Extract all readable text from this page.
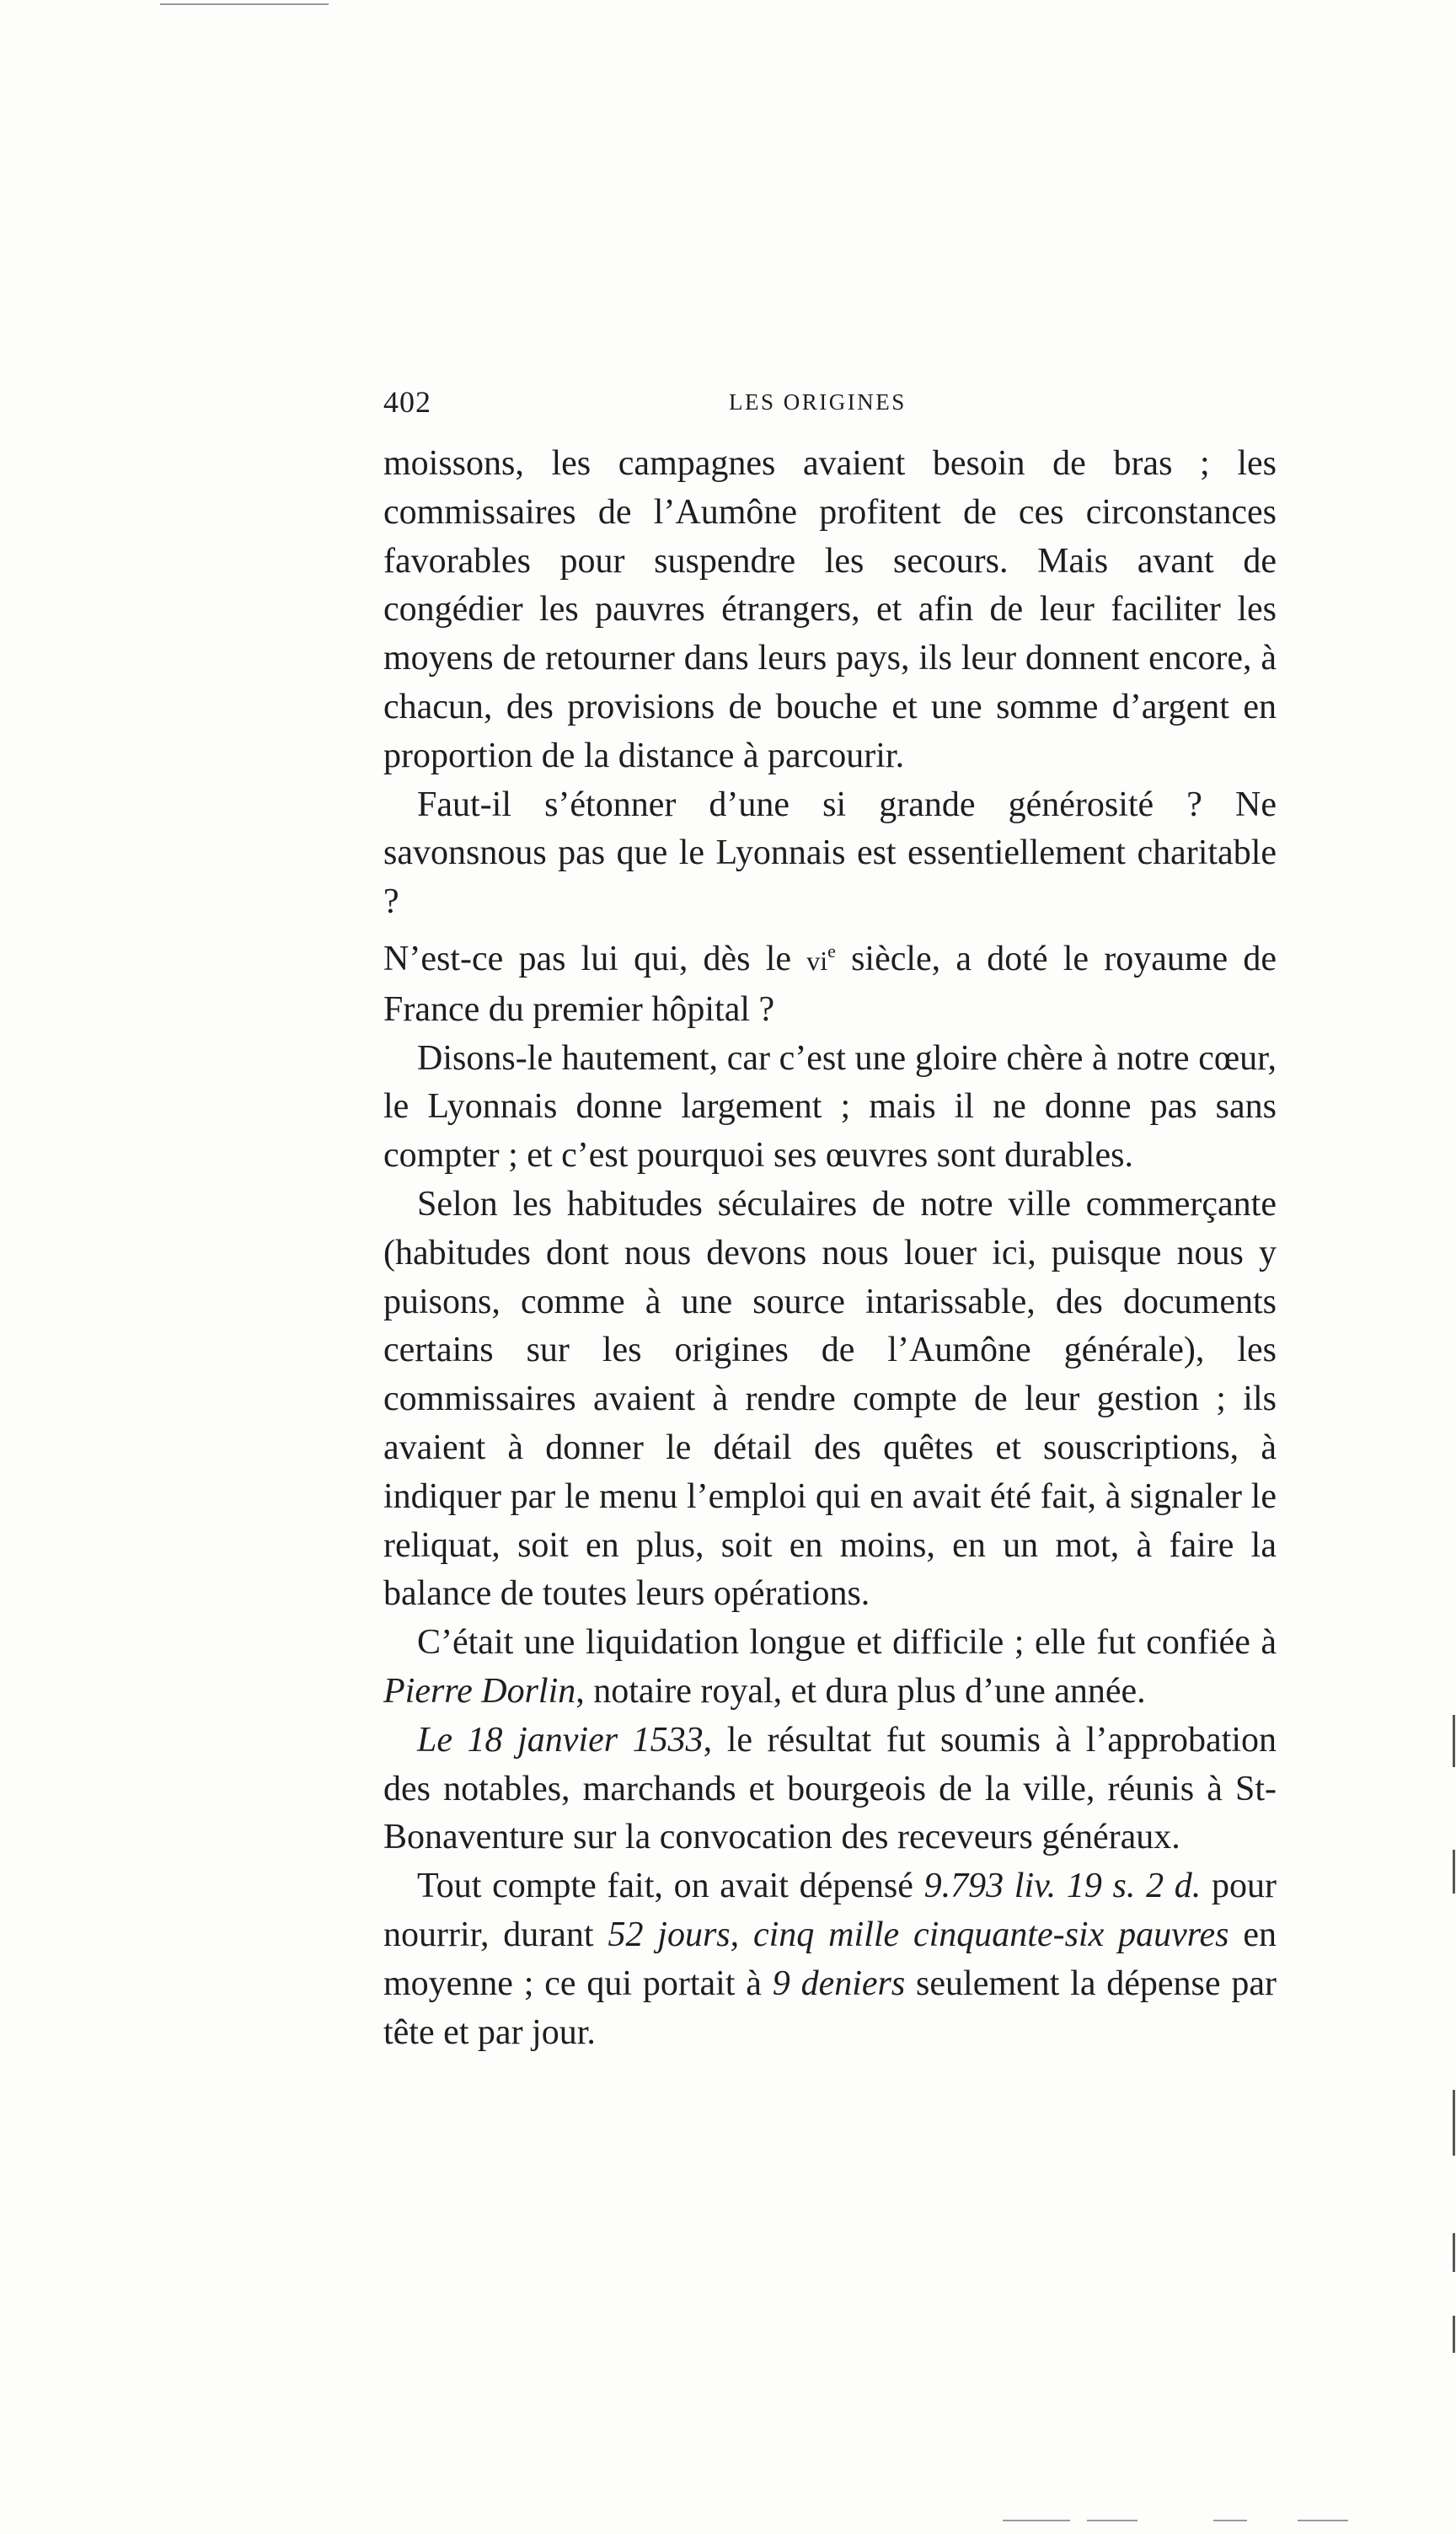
402	LES ORIGINES

moissons, les campagnes avaient besoin de bras ; les commissaires de l’Aumône profitent de ces circonstances favorables pour suspendre les secours. Mais avant de congédier les pauvres étrangers, et afin de leur faciliter les moyens de retourner dans leurs pays, ils leur donnent encore, à chacun, des provisions de bouche et une somme d’argent en proportion de la distance à parcourir.

Faut-il s’étonner d’une si grande générosité ? Ne savonsnous pas que le Lyonnais est essentiellement charitable ?

N’est-ce pas lui qui, dès le $vi^e$ siècle, a doté le royaume de France du premier hôpital ?

Disons-le hautement, car c’est une gloire chère à notre cœur, le Lyonnais donne largement ; mais il ne donne pas sans compter ; et c’est pourquoi ses œuvres sont durables.

Selon les habitudes séculaires de notre ville commerçante (habitudes dont nous devons nous louer ici, puisque nous y puisons, comme à une source intarissable, des documents certains sur les origines de l’Aumône générale), les commissaires avaient à rendre compte de leur gestion ; ils avaient à donner le détail des quêtes et souscriptions, à indiquer par le menu l’emploi qui en avait été fait, à signaler le reliquat, soit en plus, soit en moins, en un mot, à faire la balance de toutes leurs opérations.

C’était une liquidation longue et difficile ; elle fut confiée à Pierre Dorlin, notaire royal, et dura plus d’une année.

Le 18 janvier 1533, le résultat fut soumis à l’approbation des notables, marchands et bourgeois de la ville, réunis à St-Bonaventure sur la convocation des receveurs généraux.

Tout compte fait, on avait dépensé 9.793 liv. 19 s. 2 d. pour nourrir, durant 52 jours, cinq mille cinquante-six pauvres en moyenne ; ce qui portait à 9 deniers seulement la dépense par tête et par jour.
